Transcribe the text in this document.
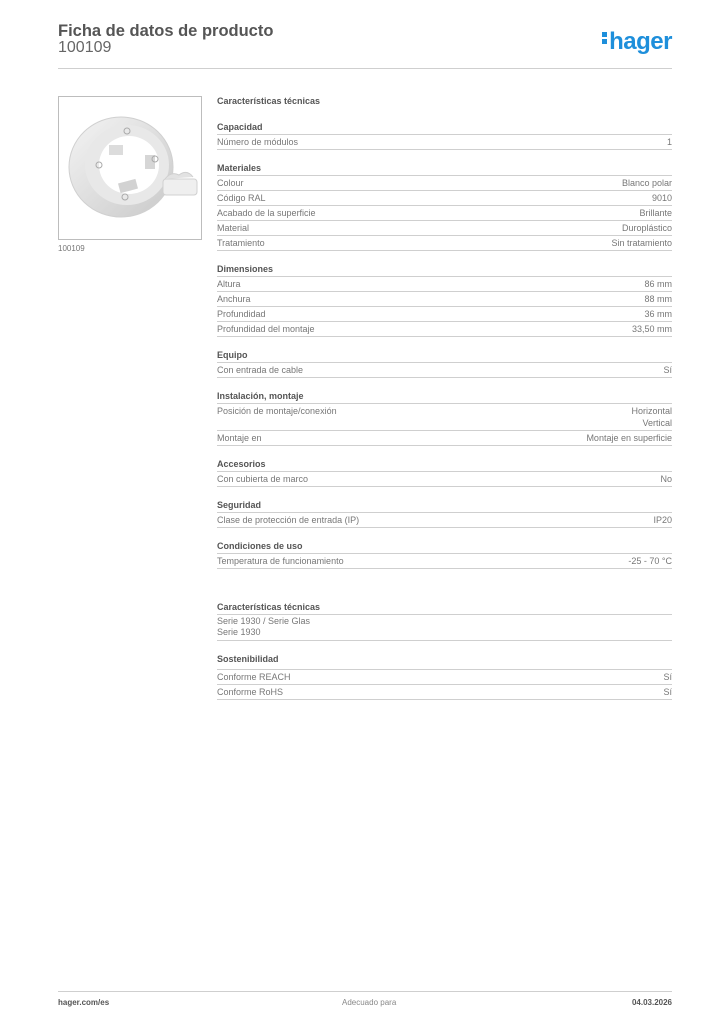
Ficha de datos de producto
100109	hager
100109
Características técnicas
Capacidad
Número de módulos	1
Materiales
Colour	Blanco polar
Código RAL	9010
Acabado de la superficie	Brillante
Material	Duroplástico
Tratamiento	Sin tratamiento
Dimensiones
Altura	86 mm
Anchura	88 mm
Profundidad	36 mm
Profundidad del montaje	33,50 mm
Equipo
Con entrada de cable	Sí
Instalación, montaje
Posición de montaje/conexión	Horizontal
Vertical
Montaje en	Montaje en superficie
Accesorios
Con cubierta de marco	No
Seguridad
Clase de protección de entrada (IP)	IP20
Condiciones de uso
Temperatura de funcionamiento	-25 - 70 °C
Características técnicas
Serie 1930 / Serie Glas
Serie 1930
Sostenibilidad
Conforme REACH	Sí
Conforme RoHS	Sí
hager.com/es	Adecuado para	04.03.2026
